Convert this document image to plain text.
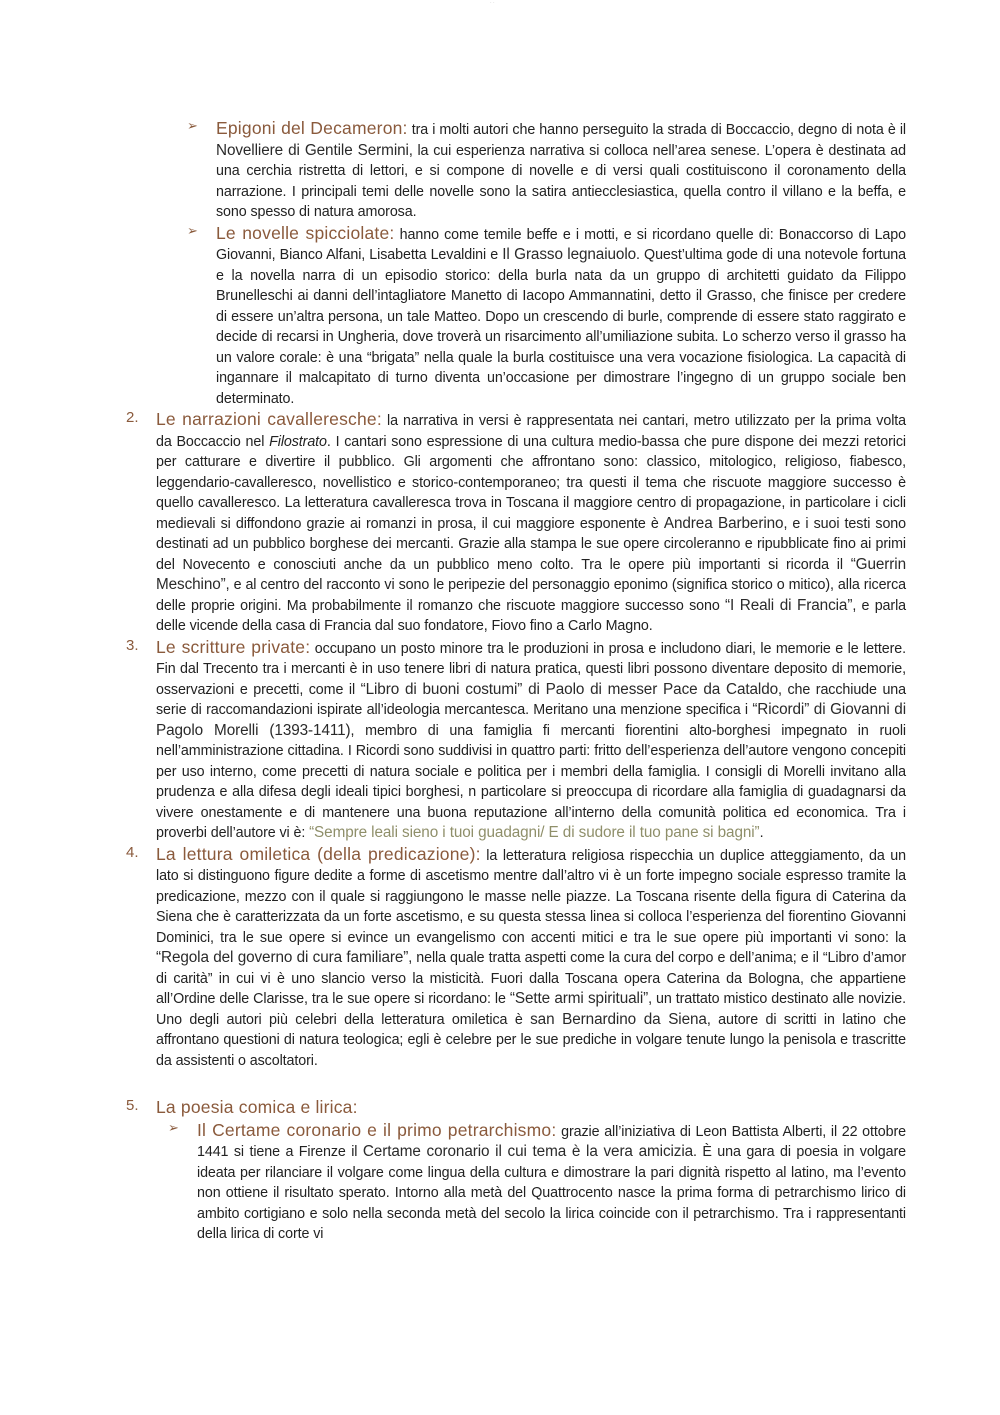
· ·
➢ Epigoni del Decameron: tra i molti autori che hanno perseguito la strada di Boccaccio, degno di nota è il Novelliere di Gentile Sermini, la cui esperienza narrativa si colloca nell’area senese. L’opera è destinata ad una cerchia ristretta di lettori, e si compone di novelle e di versi quali costituiscono il coronamento della narrazione. I principali temi delle novelle sono la satira antiecclesiastica, quella contro il villano e la beffa, e sono spesso di natura amorosa.

➢ Le novelle spicciolate: hanno come temile beffe e i motti, e si ricordano quelle di: Bonaccorso di Lapo Giovanni, Bianco Alfani, Lisabetta Levaldini e Il Grasso legnaiuolo. Quest’ultima gode di una notevole fortuna e la novella narra di un episodio storico: della burla nata da un gruppo di architetti guidato da Filippo Brunelleschi ai danni dell’intagliatore Manetto di Iacopo Ammannatini, detto il Grasso, che finisce per credere di essere un’altra persona, un tale Matteo. Dopo un crescendo di burle, comprende di essere stato raggirato e decide di recarsi in Ungheria, dove troverà un risarcimento all’umiliazione subita. Lo scherzo verso il grasso ha un valore corale: è una “brigata” nella quale la burla costituisce una vera vocazione fisiologica. La capacità di ingannare il malcapitato di turno diventa un’occasione per dimostrare l’ingegno di un gruppo sociale ben determinato.

2. Le narrazioni cavalleresche: la narrativa in versi è rappresentata nei cantari, metro utilizzato per la prima volta da Boccaccio nel Filostrato. I cantari sono espressione di una cultura medio-bassa che pure dispone dei mezzi retorici per catturare e divertire il pubblico. Gli argomenti che affrontano sono: classico, mitologico, religioso, fiabesco, leggendario-cavalleresco, novellistico e storico-contemporaneo; tra questi il tema che riscuote maggiore successo è quello cavalleresco. La letteratura cavalleresca trova in Toscana il maggiore centro di propagazione, in particolare i cicli medievali si diffondono grazie ai romanzi in prosa, il cui maggiore esponente è Andrea Barberino, e i suoi testi sono destinati ad un pubblico borghese dei mercanti. Grazie alla stampa le sue opere circoleranno e ripubblicate fino ai primi del Novecento e conosciuti anche da un pubblico meno colto. Tra le opere più importanti si ricorda il “Guerrin Meschino”, e al centro del racconto vi sono le peripezie del personaggio eponimo (significa storico o mitico), alla ricerca delle proprie origini. Ma probabilmente il romanzo che riscuote maggiore successo sono “I Reali di Francia”, e parla delle vicende della casa di Francia dal suo fondatore, Fiovo fino a Carlo Magno.

3. Le scritture private: occupano un posto minore tra le produzioni in prosa e includono diari, le memorie e le lettere. Fin dal Trecento tra i mercanti è in uso tenere libri di natura pratica, questi libri possono diventare deposito di memorie, osservazioni e precetti, come il “Libro di buoni costumi” di Paolo di messer Pace da Cataldo, che racchiude una serie di raccomandazioni ispirate all’ideologia mercantesca. Meritano una menzione specifica i “Ricordi” di Giovanni di Pagolo Morelli (1393-1411), membro di una famiglia fi mercanti fiorentini alto-borghesi impegnato in ruoli nell’amministrazione cittadina. I Ricordi sono suddivisi in quattro parti: fritto dell’esperienza dell’autore vengono concepiti per uso interno, come precetti di natura sociale e politica per i membri della famiglia. I consigli di Morelli invitano alla prudenza e alla difesa degli ideali tipici borghesi, n particolare si preoccupa di ricordare alla famiglia di guadagnarsi da vivere onestamente e di mantenere una buona reputazione all’interno della comunità politica ed economica. Tra i proverbi dell’autore vi è: “Sempre leali sieno i tuoi guadagni/ E di sudore il tuo pane si bagni”.

4. La lettura omiletica (della predicazione): la letteratura religiosa rispecchia un duplice atteggiamento, da un lato si distinguono figure dedite a forme di ascetismo mentre dall’altro vi è un forte impegno sociale espresso tramite la predicazione, mezzo con il quale si raggiungono le masse nelle piazze. La Toscana risente della figura di Caterina da Siena che è caratterizzata da un forte ascetismo, e su questa stessa linea si colloca l’esperienza del fiorentino Giovanni Dominici, tra le sue opere si evince un evangelismo con accenti mitici e tra le sue opere più importanti vi sono: la “Regola del governo di cura familiare”, nella quale tratta aspetti come la cura del corpo e dell’anima; e il “Libro d’amor di carità” in cui vi è uno slancio verso la misticità. Fuori dalla Toscana opera Caterina da Bologna, che appartiene all’Ordine delle Clarisse, tra le sue opere si ricordano: le “Sette armi spirituali”, un trattato mistico destinato alle novizie. Uno degli autori più celebri della letteratura omiletica è san Bernardino da Siena, autore di scritti in latino che affrontano questioni di natura teologica; egli è celebre per le sue prediche in volgare tenute lungo la penisola e trascritte da assistenti o ascoltatori.

5. La poesia comica e lirica:

➢ Il Certame coronario e il primo petrarchismo: grazie all’iniziativa di Leon Battista Alberti, il 22 ottobre 1441 si tiene a Firenze il Certame coronario il cui tema è la vera amicizia. È una gara di poesia in volgare ideata per rilanciare il volgare come lingua della cultura e dimostrare la pari dignità rispetto al latino, ma l’evento non ottiene il risultato sperato. Intorno alla metà del Quattrocento nasce la prima forma di petrarchismo lirico di ambito cortigiano e solo nella seconda metà del secolo la lirica coincide con il petrarchismo. Tra i rappresentanti della lirica di corte vi
